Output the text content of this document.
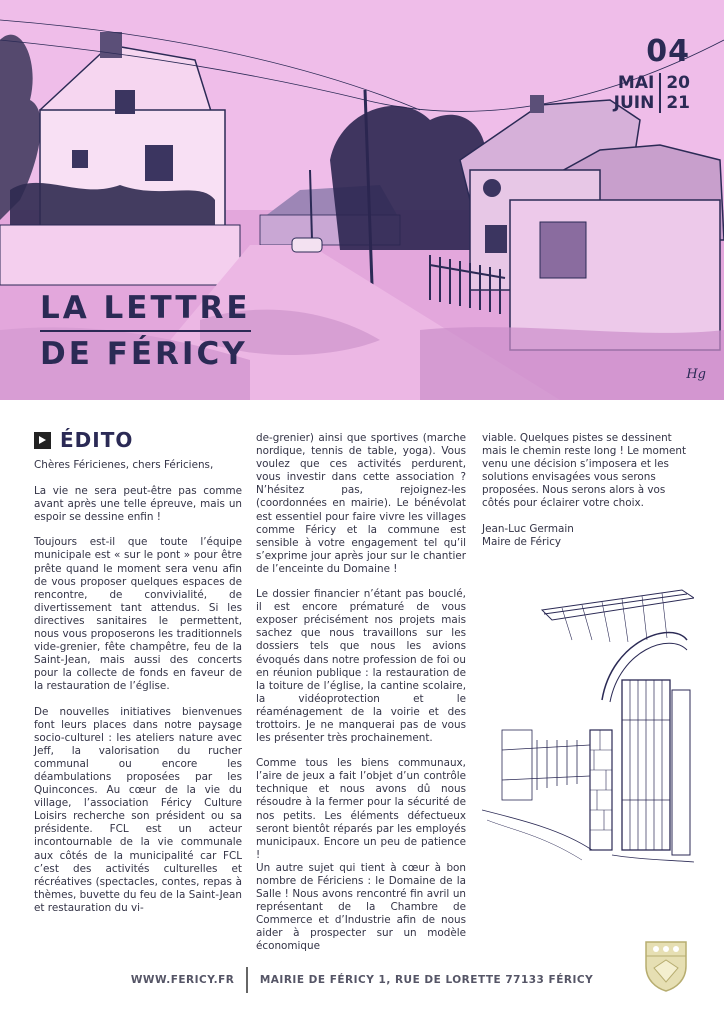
04
MAI
JUIN
20
21
LA LETTRE
DE FÉRICY
Hg
ÉDITO

Chères Féricienes, chers Fériciens,

La vie ne sera peut-être pas comme avant après une telle épreuve, mais un espoir se dessine enfin !

Toujours est-il que toute l’équipe municipale est « sur le pont » pour être prête quand le moment sera venu afin de vous proposer quelques espaces de rencontre, de convivialité, de divertissement tant attendus. Si les directives sanitaires le permettent, nous vous proposerons les traditionnels vide-grenier, fête champêtre, feu de la Saint-Jean, mais aussi des concerts pour la collecte de fonds en faveur de la restauration de l’église.

De nouvelles initiatives bienvenues font leurs places dans notre paysage socio-culturel : les ateliers nature avec Jeff, la valorisation du rucher communal ou encore les déambulations proposées par les Quinconces. Au cœur de la vie du village, l’association Féricy Culture Loisirs recherche son président ou sa présidente. FCL est un acteur incontournable de la vie communale aux côtés de la municipalité car FCL c’est des activités culturelles et récréatives (spectacles, contes, repas à thèmes, buvette du feu de la Saint-Jean et restauration du vi-

de-grenier) ainsi que sportives (marche nordique, tennis de table, yoga). Vous voulez que ces activités perdurent, vous investir dans cette association ? N’hésitez pas, rejoignez-les (coordonnées en mairie). Le bénévolat est essentiel pour faire vivre les villages comme Féricy et la commune est sensible à votre engagement tel qu’il s’exprime jour après jour sur le chantier de l’enceinte du Domaine !

Le dossier financier n’étant pas bouclé, il est encore prématuré de vous exposer précisément nos projets mais sachez que nous travaillons sur les dossiers tels que nous les avions évoqués dans notre profession de foi ou en réunion publique : la restauration de la toiture de l’église, la cantine scolaire, la vidéoprotection et le réaménagement de la voirie et des trottoirs. Je ne manquerai pas de vous les présenter très prochainement.

Comme tous les biens communaux, l’aire de jeux a fait l’objet d’un contrôle technique et nous avons dû nous résoudre à la fermer pour la sécurité de nos petits. Les éléments défectueux seront bientôt réparés par les employés municipaux. Encore un peu de patience !

Un autre sujet qui tient à cœur à bon nombre de Fériciens : le Domaine de la Salle ! Nous avons rencontré fin avril un représentant de la Chambre de Commerce et d’Industrie afin de nous aider à prospecter sur un modèle économique

viable. Quelques pistes se dessinent mais le chemin reste long ! Le moment venu une décision s’imposera et les solutions envisagées vous serons proposées. Nous serons alors à vos côtés pour éclairer votre choix.

Jean-Luc Germain

Maire de Féricy

WWW.FERICY.FR	MAIRIE DE FÉRICY 1, RUE DE LORETTE 77133 FÉRICY
